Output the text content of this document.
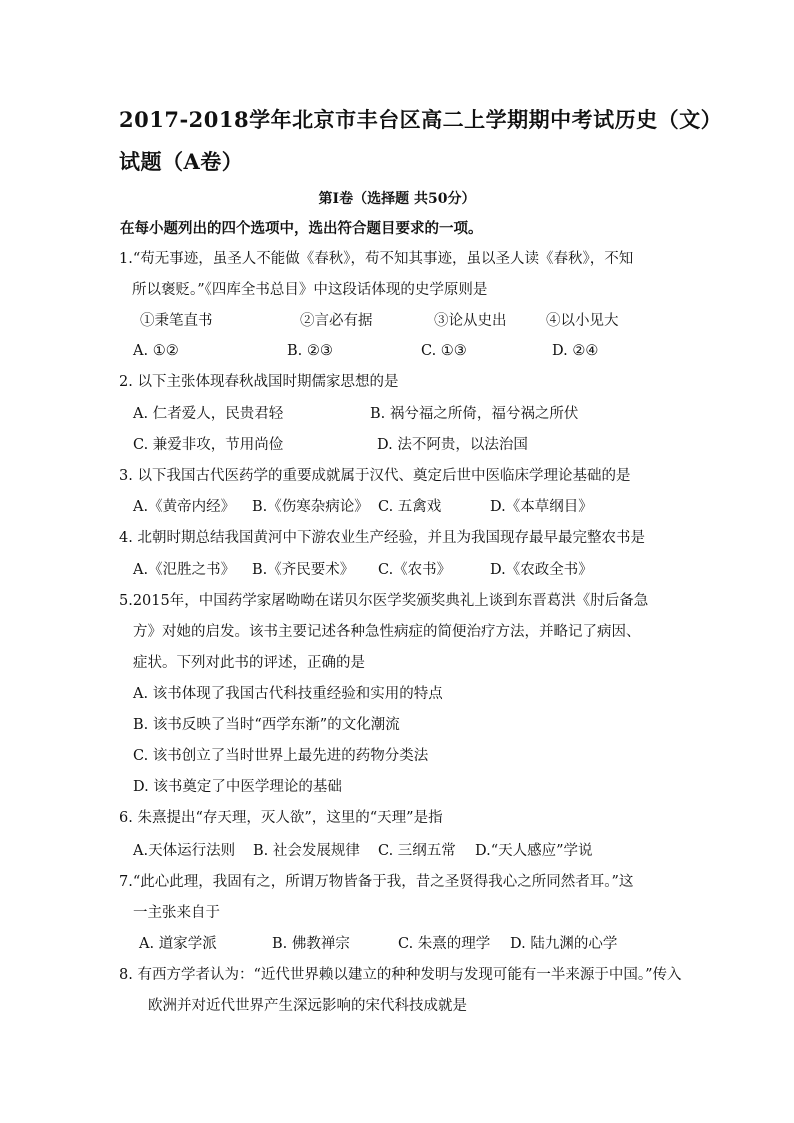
2017-2018学年北京市丰台区高二上学期期中考试历史（文）
试题（A卷）
第Ⅰ卷（选择题 共50分）
在每小题列出的四个选项中，选出符合题目要求的一项。
1.“苟无事迹，虽圣人不能做《春秋》，苟不知其事迹，虽以圣人读《春秋》，不知
所以褒贬。”《四库全书总目》中这段话体现的史学原则是
①秉笔直书	②言必有据	③论从史出	④以小见大
A. ①②	B. ②③	C. ①③	D. ②④
2. 以下主张体现春秋战国时期儒家思想的是
A. 仁者爱人，民贵君轻	B. 祸兮福之所倚，福兮祸之所伏
C. 兼爱非攻，节用尚俭	D. 法不阿贵，以法治国
3. 以下我国古代医药学的重要成就属于汉代、奠定后世中医临床学理论基础的是
A.《黄帝内经》 B.《伤寒杂病论》 C. 五禽戏	D.《本草纲目》
4. 北朝时期总结我国黄河中下游农业生产经验，并且为我国现存最早最完整农书是
A.《氾胜之书》 B.《齐民要术》 C.《农书》	D.《农政全书》
5.2015年，中国药学家屠呦呦在诺贝尔医学奖颁奖典礼上谈到东晋葛洪《肘后备急
方》对她的启发。该书主要记述各种急性病症的简便治疗方法，并略记了病因、
症状。下列对此书的评述，正确的是
A. 该书体现了我国古代科技重经验和实用的特点
B. 该书反映了当时“西学东渐”的文化潮流
C. 该书创立了当时世界上最先进的药物分类法
D. 该书奠定了中医学理论的基础
6. 朱熹提出“存天理，灭人欲”，这里的“天理”是指
A.天体运行法则 B. 社会发展规律 C. 三纲五常 D.“天人感应”学说
7.“此心此理，我固有之，所谓万物皆备于我，昔之圣贤得我心之所同然者耳。”这
一主张来自于
A. 道家学派	B. 佛教禅宗	C. 朱熹的理学 D. 陆九渊的心学
8. 有西方学者认为：“近代世界赖以建立的种种发明与发现可能有一半来源于中国。”传入
欧洲并对近代世界产生深远影响的宋代科技成就是
